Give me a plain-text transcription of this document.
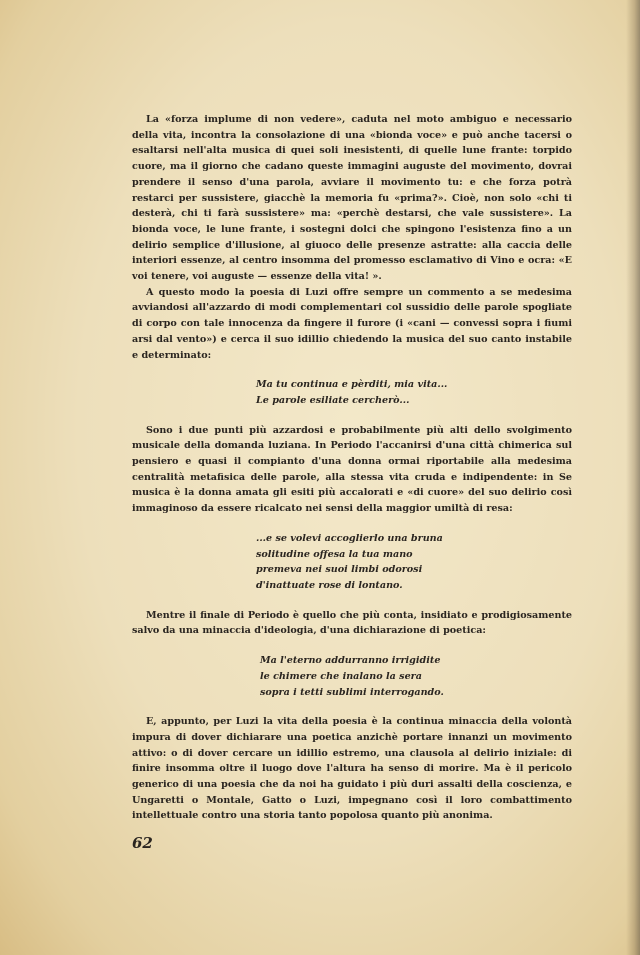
La «forza implume di non vedere», caduta nel moto ambiguo e necessario della vita, incontra la consolazione di una «bionda voce» e può anche tacersi o esaltarsi nell'alta musica di quei soli inesistenti, di quelle lune frante: torpido cuore, ma il giorno che cadano queste immagini auguste del movimento, dovrai prendere il senso d'una parola, avviare il movimento tu: e che forza potrà restarci per sussistere, giacchè la memoria fu «prima?». Cioè, non solo «chi ti desterà, chi ti farà sussistere» ma: «perchè destarsi, che vale sussistere». La bionda voce, le lune frante, i sostegni dolci che spingono l'esistenza fino a un delirio semplice d'illusione, al giuoco delle presenze astratte: alla caccia delle interiori essenze, al centro insomma del promesso esclamativo di Vino e ocra: «E voi tenere, voi auguste — essenze della vita! ».

A questo modo la poesia di Luzi offre sempre un commento a se medesima avviandosi all'azzardo di modi complementari col sussidio delle parole spogliate di corpo con tale innocenza da fingere il furore (i «cani — convessi sopra i fiumi arsi dal vento») e cerca il suo idillio chiedendo la musica del suo canto instabile e determinato:

Ma tu continua e pèrditi, mia vita...
Le parole esiliate cercherò...

Sono i due punti più azzardosi e probabilmente più alti dello svolgimento musicale della domanda luziana. In Periodo l'accanirsi d'una città chimerica sul pensiero e quasi il compianto d'una donna ormai riportabile alla medesima centralità metafisica delle parole, alla stessa vita cruda e indipendente: in Se musica è la donna amata gli esiti più accalorati e «di cuore» del suo delirio così immaginoso da essere ricalcato nei sensi della maggior umiltà di resa:

...e se volevi accoglierlo una bruna
solitudine offesa la tua mano
premeva nei suoi limbi odorosi
d'inattuate rose di lontano.

Mentre il finale di Periodo è quello che più conta, insidiato e prodigiosamente salvo da una minaccia d'ideologia, d'una dichiarazione di poetica:

Ma l'eterno addurranno irrigidite
le chimere che inalano la sera
sopra i tetti sublimi interrogando.

E, appunto, per Luzi la vita della poesia è la continua minaccia della volontà impura di dover dichiarare una poetica anzichè portare innanzi un movimento attivo: o di dover cercare un idillio estremo, una clausola al delirio iniziale: di finire insomma oltre il luogo dove l'altura ha senso di morire. Ma è il pericolo generico di una poesia che da noi ha guidato i più duri assalti della coscienza, e Ungaretti o Montale, Gatto o Luzi, impegnano così il loro combattimento intellettuale contro una storia tanto popolosa quanto più anonima.

62
